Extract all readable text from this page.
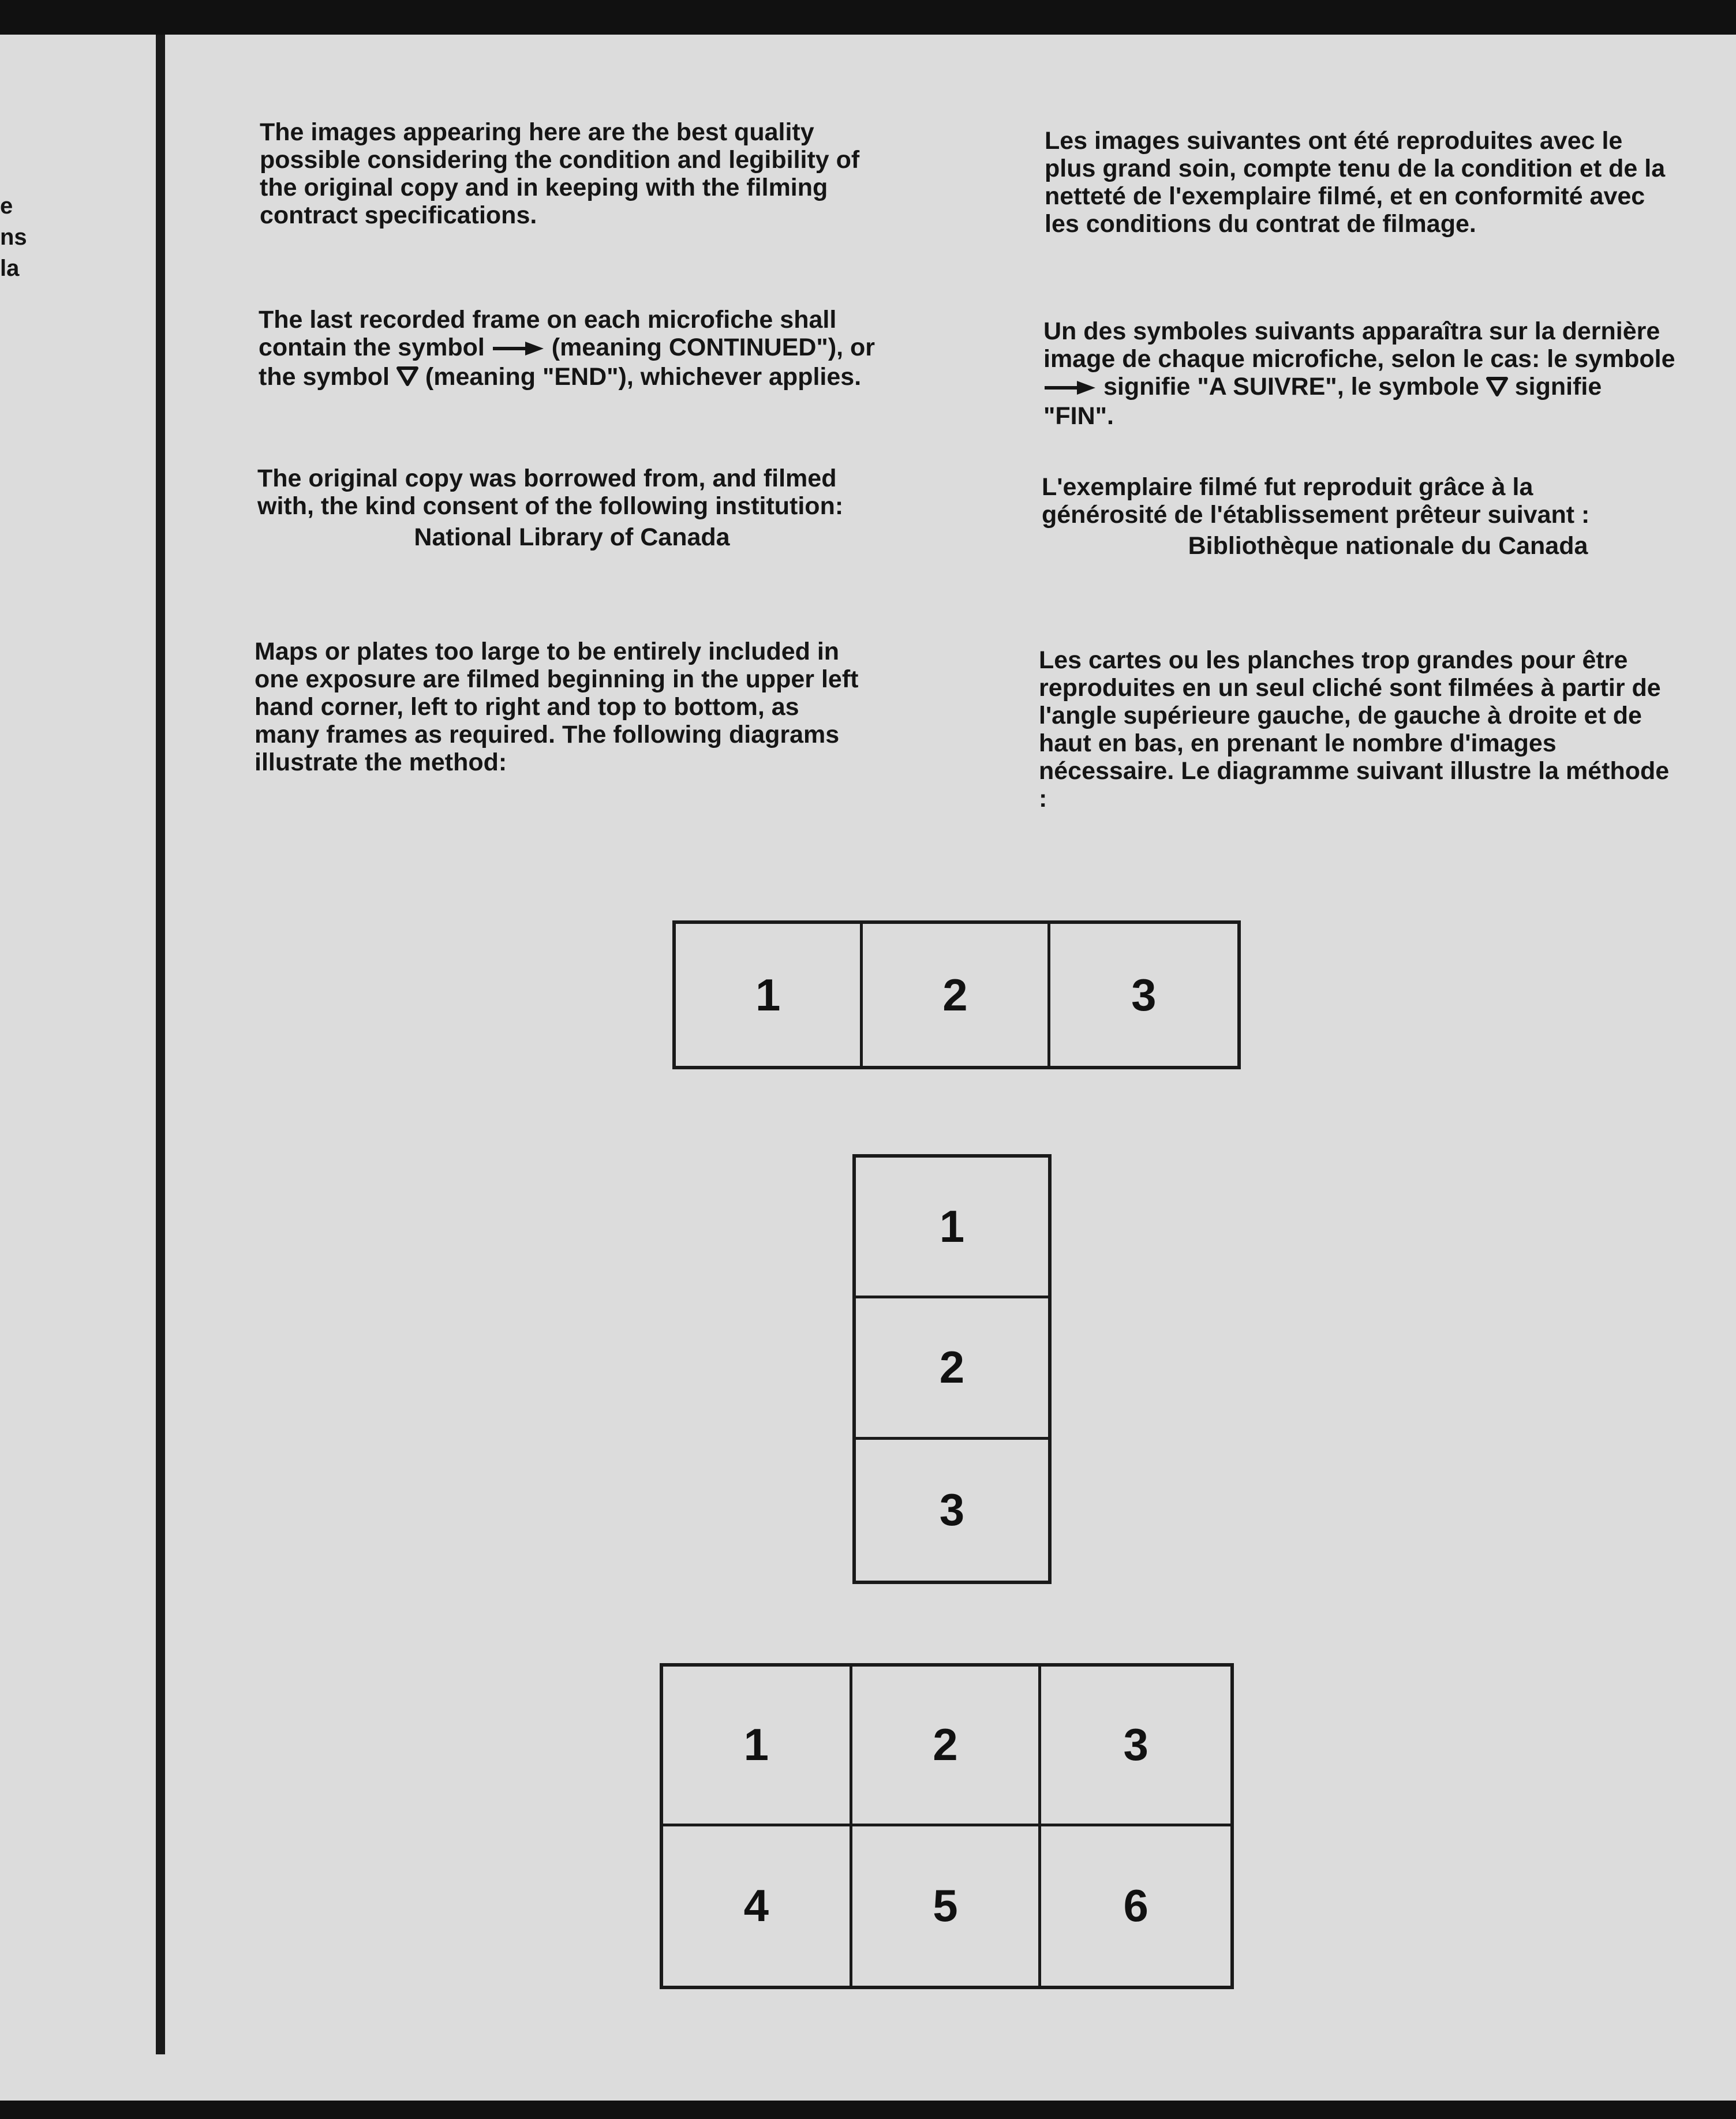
e
ns
la

The images appearing here are the best quality possible considering the condition and legibility of the original copy and in keeping with the filming contract specifications.

The last recorded frame on each microfiche shall contain the symbol	(meaning CONTINUED"), or the symbol (meaning "END"), whichever applies.

The original copy was borrowed from, and filmed with, the kind consent of the following institution:

National Library of Canada

Maps or plates too large to be entirely included in one exposure are filmed beginning in the upper left hand corner, left to right and top to bottom, as many frames as required. The following diagrams illustrate the method:

Les images suivantes ont été reproduites avec le plus grand soin, compte tenu de la condition et de la netteté de l'exemplaire filmé, et en conformité avec les conditions du contrat de filmage.

Un des symboles suivants apparaîtra sur la dernière image de chaque microfiche, selon le cas: le symbole  signifie "A SUIVRE", le symbole signifie "FIN".

L'exemplaire filmé fut reproduit grâce à la générosité de l'établissement prêteur suivant :

Bibliothèque nationale du Canada

Les cartes ou les planches trop grandes pour être reproduites en un seul cliché sont filmées à partir de l'angle supérieure gauche, de gauche à droite et de haut en bas, en prenant le nombre d'images nécessaire. Le diagramme suivant illustre la méthode :

1	2	3
1
2
3
1	2	3
4	5	6
